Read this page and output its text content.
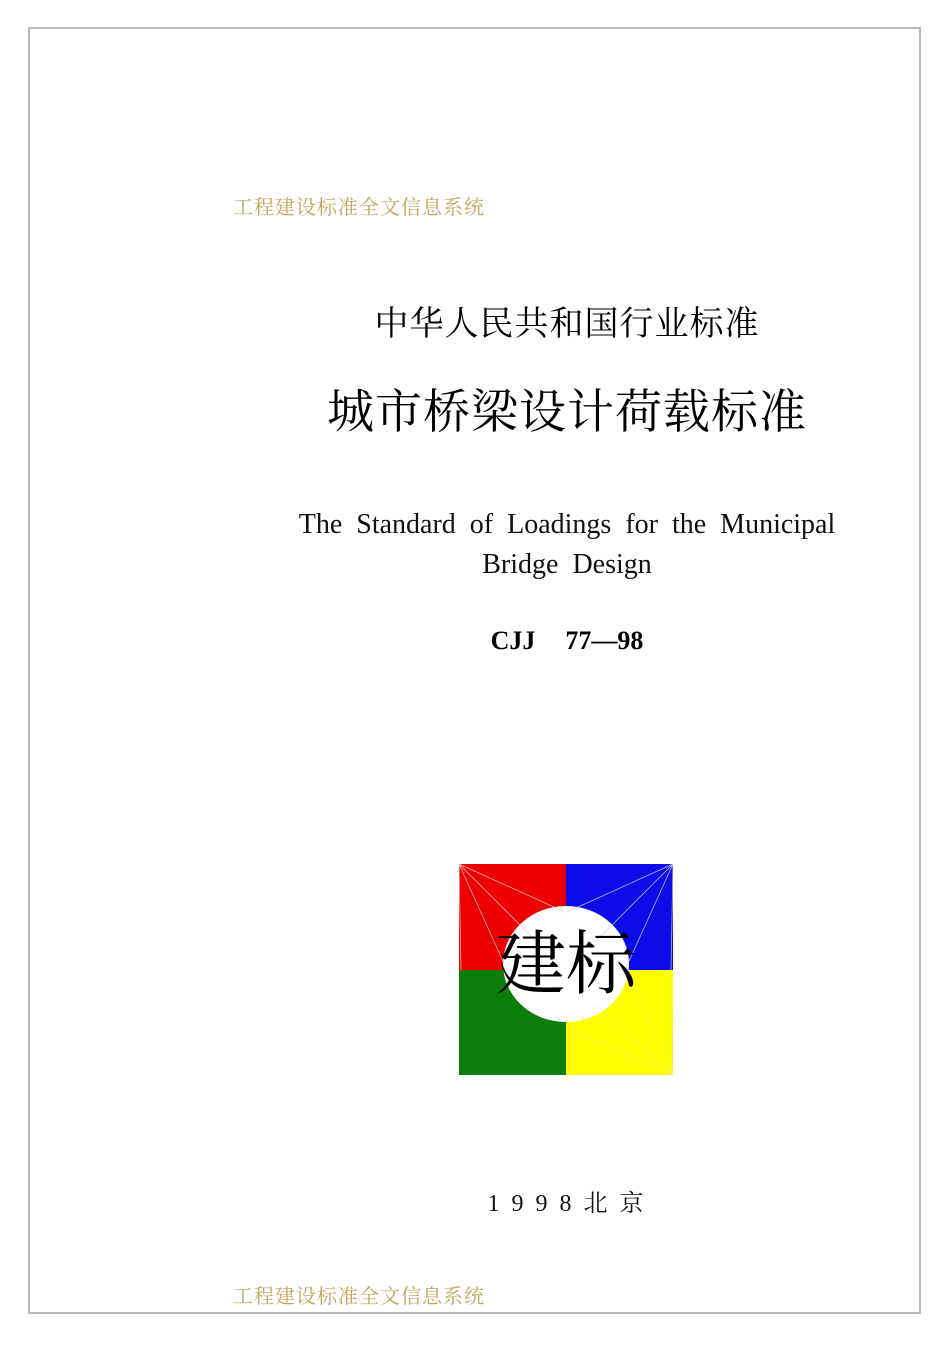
工程建设标准全文信息系统
中华人民共和国行业标准
城市桥梁设计荷载标准
The Standard of Loadings for the Municipal
Bridge Design
CJJ 77—98
建标
1 9 9 8 北 京
工程建设标准全文信息系统
